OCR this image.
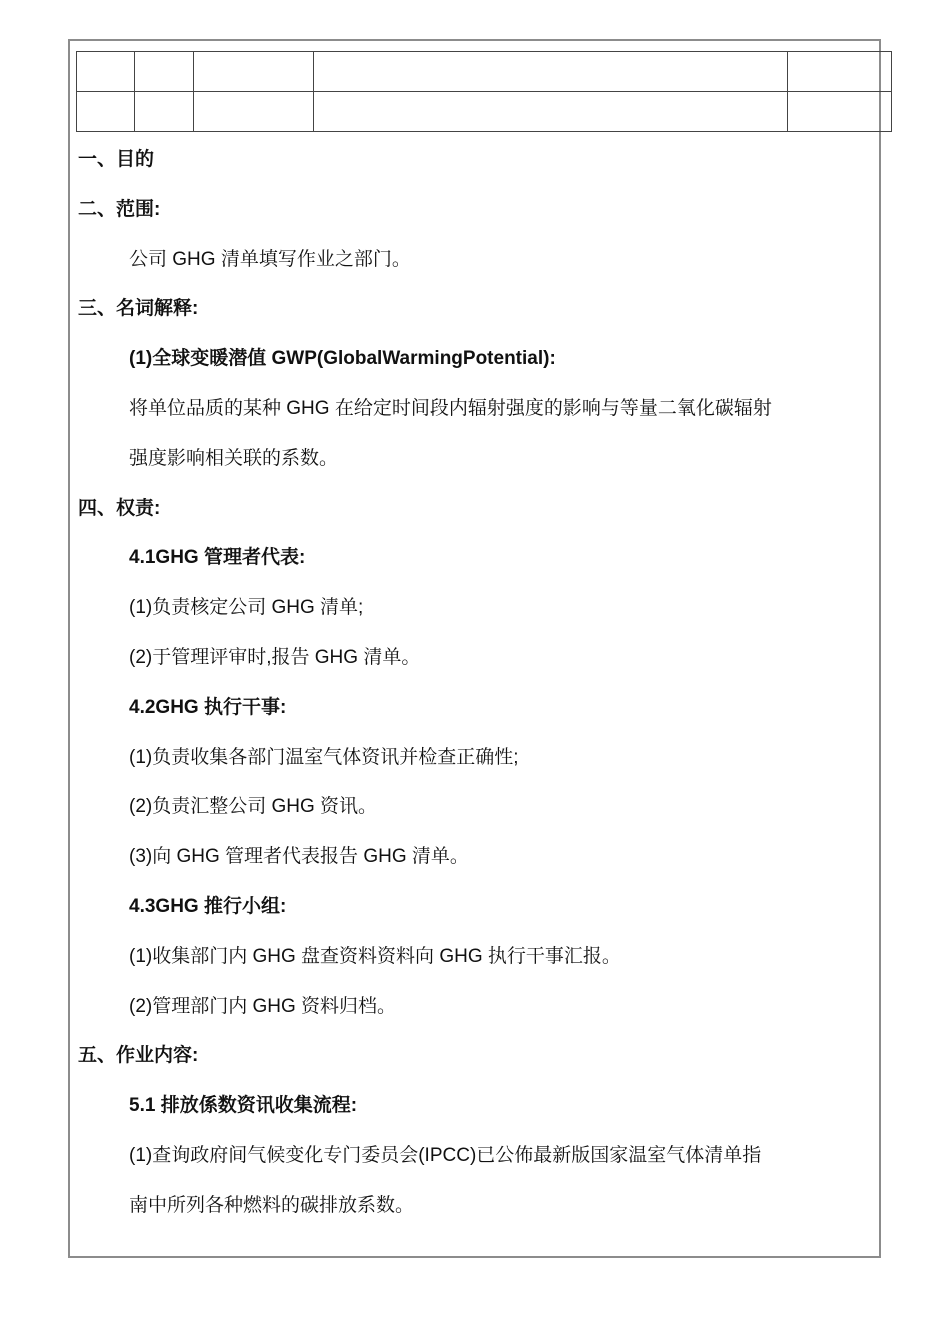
一、目的
二、范围:
公司 GHG 清单填写作业之部门。
三、名词解释:
(1)全球变暖潜值 GWP(GlobalWarmingPotential):
将单位品质的某种 GHG 在给定时间段内辐射强度的影响与等量二氧化碳辐射
强度影响相关联的系数。
四、权责:
4.1GHG 管理者代表:
(1)负责核定公司 GHG 清单;
(2)于管理评审时,报告 GHG 清单。
4.2GHG 执行干事:
(1)负责收集各部门温室气体资讯并检查正确性;
(2)负责汇整公司 GHG 资讯。
(3)向 GHG 管理者代表报告 GHG 清单。
4.3GHG 推行小组:
(1)收集部门内 GHG 盘查资料资料向 GHG 执行干事汇报。
(2)管理部门内 GHG 资料归档。
五、作业内容:
5.1 排放係数资讯收集流程:
(1)查询政府间气候变化专门委员会(IPCC)已公佈最新版国家温室气体清单指
南中所列各种燃料的碳排放系数。
